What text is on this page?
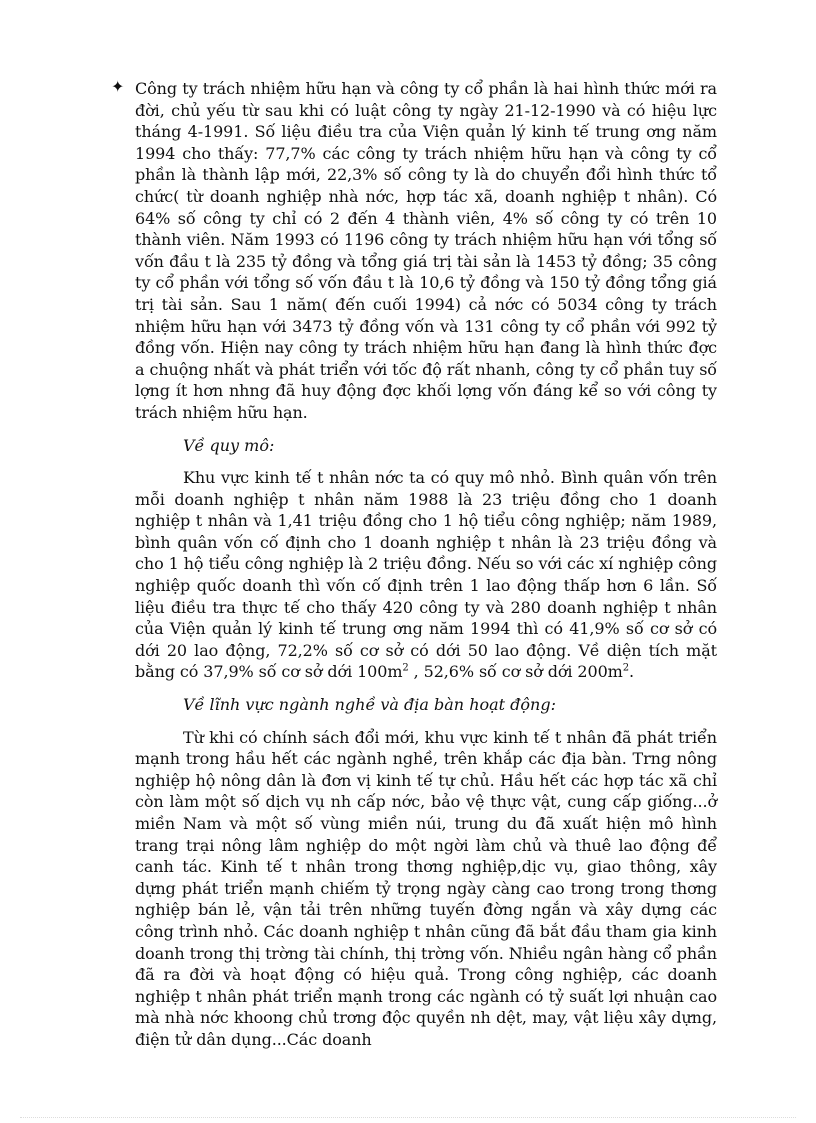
✦ Công ty trách nhiệm hữu hạn và công ty cổ phần là hai hình thức mới ra đời, chủ yếu từ sau khi có luật công ty ngày 21-12-1990 và có hiệu lực tháng 4-1991. Số liệu điều tra của Viện quản lý kinh tế trung ơng năm 1994 cho thấy: 77,7% các công ty trách nhiệm hữu hạn và công ty cổ phần là thành lập mới, 22,3% số công ty là do chuyển đổi hình thức tổ chức( từ doanh nghiệp nhà nớc, hợp tác xã, doanh nghiệp t nhân). Có 64% số công ty chỉ có 2 đến 4 thành viên, 4% số công ty có trên 10 thành viên. Năm 1993 có 1196 công ty trách nhiệm hữu hạn với tổng số vốn đầu t là 235 tỷ đồng và tổng giá trị tài sản là 1453 tỷ đồng; 35 công ty cổ phần với tổng số vốn đầu t là 10,6 tỷ đồng và 150 tỷ đồng tổng giá trị tài sản. Sau 1 năm( đến cuối 1994) cả nớc có 5034 công ty trách nhiệm hữu hạn với 3473 tỷ đồng vốn và 131 công ty cổ phần với 992 tỷ đồng vốn. Hiện nay công ty trách nhiệm hữu hạn đang là hình thức đợc a chuộng nhất và phát triển với tốc độ rất nhanh, công ty cổ phần tuy số lợng ít hơn nhng đã huy động đợc khối lợng vốn đáng kể so với công ty trách nhiệm hữu hạn.

Về quy mô:

Khu vực kinh tế t nhân nớc ta có quy mô nhỏ. Bình quân vốn trên mỗi doanh nghiệp t nhân năm 1988 là 23 triệu đồng cho 1 doanh nghiệp t nhân và 1,41 triệu đồng cho 1 hộ tiểu công nghiệp; năm 1989, bình quân vốn cố định cho 1 doanh nghiệp t nhân là 23 triệu đồng và cho 1 hộ tiểu công nghiệp là 2 triệu đồng. Nếu so với các xí nghiệp công nghiệp quốc doanh thì vốn cố định trên 1 lao động thấp hơn 6 lần. Số liệu điều tra thực tế cho thấy 420 công ty và 280 doanh nghiệp t nhân của Viện quản lý kinh tế trung ơng năm 1994 thì có 41,9% số cơ sở có dới 20 lao động, 72,2% số cơ sở có dới 50 lao động. Về diện tích mặt bằng có 37,9% số cơ sở dới $100m^2$ , 52,6% số cơ sở dới $200m^2$.

Về lĩnh vực ngành nghề và địa bàn hoạt động:

Từ khi có chính sách đổi mới, khu vực kinh tế t nhân đã phát triển mạnh trong hầu hết các ngành nghề, trên khắp các địa bàn. Trng nông nghiệp hộ nông dân là đơn vị kinh tế tự chủ. Hầu hết các hợp tác xã chỉ còn làm một số dịch vụ nh cấp nớc, bảo vệ thực vật, cung cấp giống...ở miền Nam và một số vùng miền núi, trung du đã xuất hiện mô hình trang trại nông lâm nghiệp do một ngời làm chủ và thuê lao động để canh tác. Kinh tế t nhân trong thơng nghiệp,dịc vụ, giao thông, xây dựng phát triển mạnh chiếm tỷ trọng ngày càng cao trong trong thơng nghiệp bán lẻ, vận tải trên những tuyến đờng ngắn và xây dựng các công trình nhỏ. Các doanh nghiệp t nhân cũng đã bắt đầu tham gia kinh doanh trong thị trờng tài chính, thị trờng vốn. Nhiều ngân hàng cổ phần đã ra đời và hoạt động có hiệu quả. Trong công nghiệp, các doanh nghiệp t nhân phát triển mạnh trong các ngành có tỷ suất lợi nhuận cao mà nhà nớc khoong chủ trơng độc quyền nh dệt, may, vật liệu xây dựng, điện tử dân dụng...Các doanh
